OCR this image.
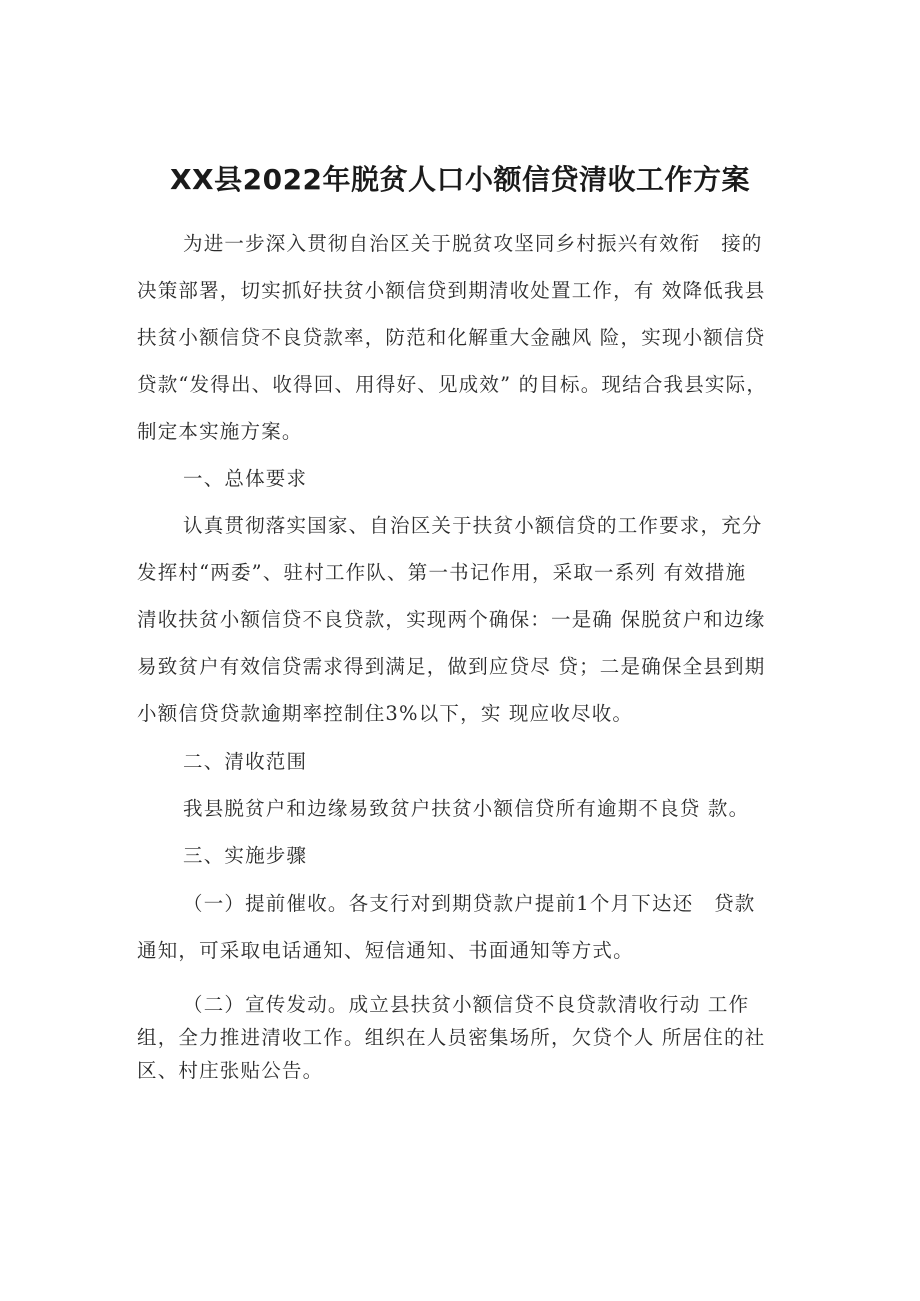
XX县2022年脱贫人口小额信贷清收工作方案
为进一步深入贯彻自治区关于脱贫攻坚同乡村振兴有效衔　接的
决策部署，切实抓好扶贫小额信贷到期清收处置工作，有 效降低我县
扶贫小额信贷不良贷款率，防范和化解重大金融风 险，实现小额信贷
贷款“发得出、收得回、用得好、见成效” 的目标。现结合我县实际，
制定本实施方案。
一、总体要求
认真贯彻落实国家、自治区关于扶贫小额信贷的工作要求，充分
发挥村“两委”、驻村工作队、第一书记作用，采取一系列 有效措施
清收扶贫小额信贷不良贷款，实现两个确保：一是确 保脱贫户和边缘
易致贫户有效信贷需求得到满足，做到应贷尽 贷；二是确保全县到期
小额信贷贷款逾期率控制住3%以下，实 现应收尽收。
二、清收范围
我县脱贫户和边缘易致贫户扶贫小额信贷所有逾期不良贷 款。
三、实施步骤
（一）提前催收。各支行对到期贷款户提前1个月下达还　贷款
通知，可采取电话通知、短信通知、书面通知等方式。
（二）宣传发动。成立县扶贫小额信贷不良贷款清收行动 工作
组，全力推进清收工作。组织在人员密集场所，欠贷个人 所居住的社
区、村庄张贴公告。
